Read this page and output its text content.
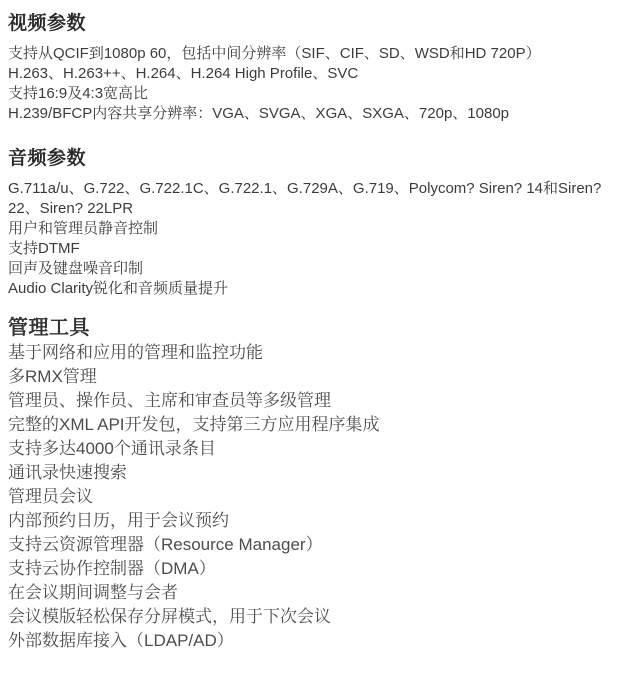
视频参数

支持从QCIF到1080p 60，包括中间分辨率（SIF、CIF、SD、WSD和HD 720P）

H.263、H.263++、H.264、H.264 High Profile、SVC

支持16:9及4:3宽高比

H.239/BFCP内容共享分辨率：VGA、SVGA、XGA、SXGA、720p、1080p

音频参数

G.711a/u、G.722、G.722.1C、G.722.1、G.729A、G.719、Polycom? Siren? 14和Siren? 22、Siren? 22LPR

用户和管理员静音控制

支持DTMF

回声及键盘噪音印制

Audio Clarity锐化和音频质量提升

管理工具

基于网络和应用的管理和监控功能

多RMX管理

管理员、操作员、主席和审查员等多级管理

完整的XML API开发包，支持第三方应用程序集成

支持多达4000个通讯录条目

通讯录快速搜索

管理员会议

内部预约日历，用于会议预约

支持云资源管理器（Resource Manager）

支持云协作控制器（DMA）

在会议期间调整与会者

会议模版轻松保存分屏模式，用于下次会议

外部数据库接入（LDAP/AD）
